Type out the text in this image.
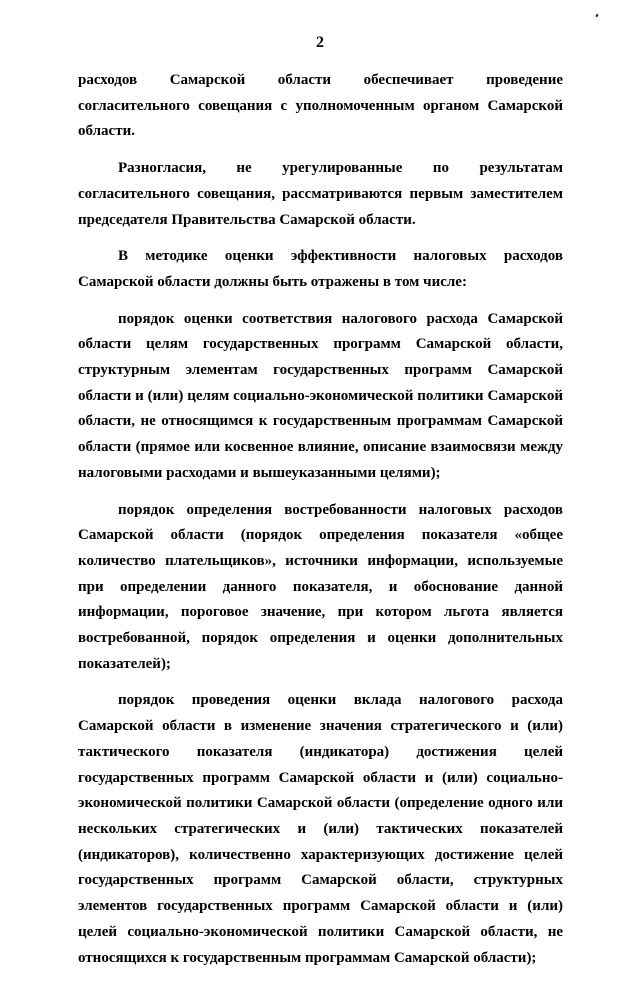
2

расходов Самарской области обеспечивает проведение согласительного совещания с уполномоченным органом Самарской области.

Разногласия, не урегулированные по результатам согласительного совещания, рассматриваются первым заместителем председателя Правительства Самарской области.

В методике оценки эффективности налоговых расходов Самарской области должны быть отражены в том числе:

порядок оценки соответствия налогового расхода Самарской области целям государственных программ Самарской области, структурным элементам государственных программ Самарской области и (или) целям социально-экономической политики Самарской области, не относящимся к государственным программам Самарской области (прямое или косвенное влияние, описание взаимосвязи между налоговыми расходами и вышеуказанными целями);

порядок определения востребованности налоговых расходов Самарской области (порядок определения показателя «общее количество плательщиков», источники информации, используемые при определении данного показателя, и обоснование данной информации, пороговое значение, при котором льгота является востребованной, порядок определения и оценки дополнительных показателей);

порядок проведения оценки вклада налогового расхода Самарской области в изменение значения стратегического и (или) тактического показателя (индикатора) достижения целей государственных программ Самарской области и (или) социально-экономической политики Самарской области (определение одного или нескольких стратегических и (или) тактических показателей (индикаторов), количественно характеризующих достижение целей государственных программ Самарской области, структурных элементов государственных программ Самарской области и (или) целей социально-экономической политики Самарской области, не относящихся к государственным программам Самарской области);
